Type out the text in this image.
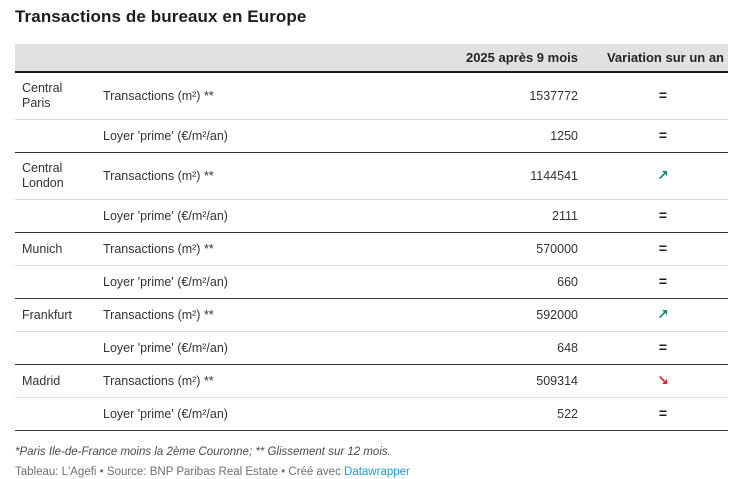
Transactions de bureaux en Europe
		2025 après 9 mois	Variation sur un an
Central Paris	Transactions (m²) **	1537772	=
	Loyer 'prime' (€/m²/an)	1250	=
Central London	Transactions (m²) **	1144541	↗
	Loyer 'prime' (€/m²/an)	2111	=
Munich	Transactions (m²) **	570000	=
	Loyer 'prime' (€/m²/an)	660	=
Frankfurt	Transactions (m²) **	592000	↗
	Loyer 'prime' (€/m²/an)	648	=
Madrid	Transactions (m²) **	509314	↘
	Loyer 'prime' (€/m²/an)	522	=

*Paris Ile-de-France moins la 2ème Couronne; ** Glissement sur 12 mois.

Tableau: L'Agefi • Source: BNP Paribas Real Estate • Créé avec Datawrapper
